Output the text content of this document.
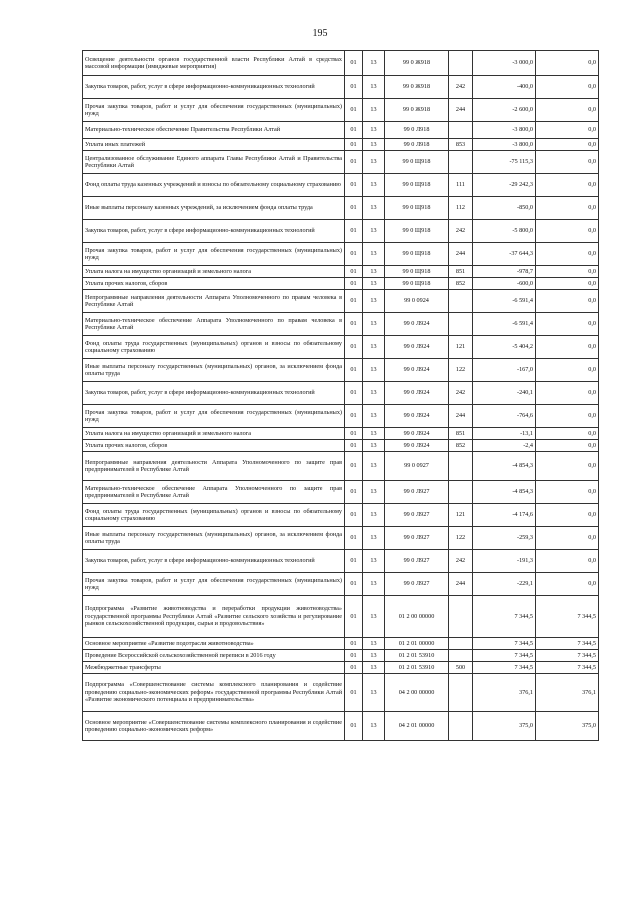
195
Освещение деятельности органов государственной власти Республики Алтай в средствах массовой информации (имиджевые мероприятия)	01	13	99 0 Ж918		-3 000,0	0,0
Закупка товаров, работ, услуг в сфере информационно-коммуникационных технологий	01	13	99 0 Ж918	242	-400,0	0,0
Прочая закупка товаров, работ и услуг для обеспечения государственных (муниципальных) нужд	01	13	99 0 Ж918	244	-2 600,0	0,0
Материально-техническое обеспечение Правительства Республики Алтай	01	13	99 0 Л918		-3 800,0	0,0
Уплата иных платежей	01	13	99 0 Л918	853	-3 800,0	0,0
Централизованное обслуживание Единого аппарата Главы Республики Алтай и Правительства Республики Алтай	01	13	99 0 Щ918		-75 115,3	0,0
Фонд оплаты труда казенных учреждений и взносы по обязательному социальному страхованию	01	13	99 0 Щ918	111	-29 242,3	0,0
Иные выплаты персоналу казенных учреждений, за исключением фонда оплаты труда	01	13	99 0 Щ918	112	-850,0	0,0
Закупка товаров, работ, услуг в сфере информационно-коммуникационных технологий	01	13	99 0 Щ918	242	-5 800,0	0,0
Прочая закупка товаров, работ и услуг для обеспечения государственных (муниципальных) нужд	01	13	99 0 Щ918	244	-37 644,3	0,0
Уплата налога на имущество организаций и земельного налога	01	13	99 0 Щ918	851	-978,7	0,0
Уплата прочих налогов, сборов	01	13	99 0 Щ918	852	-600,0	0,0
Непрограммные направления деятельности Аппарата Уполномоченного по правам человека в Республике Алтай	01	13	99 0 0924		-6 591,4	0,0
Материально-техническое обеспечение Аппарата Уполномоченного по правам человека в Республике Алтай	01	13	99 0 Л924		-6 591,4	0,0
Фонд оплаты труда государственных (муниципальных) органов и взносы по обязательному социальному страхованию	01	13	99 0 Л924	121	-5 404,2	0,0
Иные выплаты персоналу государственных (муниципальных) органов, за исключением фонда оплаты труда	01	13	99 0 Л924	122	-167,0	0,0
Закупка товаров, работ, услуг в сфере информационно-коммуникационных технологий	01	13	99 0 Л924	242	-240,1	0,0
Прочая закупка товаров, работ и услуг для обеспечения государственных (муниципальных) нужд	01	13	99 0 Л924	244	-764,6	0,0
Уплата налога на имущество организаций и земельного налога	01	13	99 0 Л924	851	-13,1	0,0
Уплата прочих налогов, сборов	01	13	99 0 Л924	852	-2,4	0,0
Непрограммные направления деятельности Аппарата Уполномоченного по защите прав предпринимателей в Республике Алтай	01	13	99 0 0927		-4 854,3	0,0
Материально-техническое обеспечение Аппарата Уполномоченного по защите прав предпринимателей в Республике Алтай	01	13	99 0 Л927		-4 854,3	0,0
Фонд оплаты труда государственных (муниципальных) органов и взносы по обязательному социальному страхованию	01	13	99 0 Л927	121	-4 174,6	0,0
Иные выплаты персоналу государственных (муниципальных) органов, за исключением фонда оплаты труда	01	13	99 0 Л927	122	-259,3	0,0
Закупка товаров, работ, услуг в сфере информационно-коммуникационных технологий	01	13	99 0 Л927	242	-191,3	0,0
Прочая закупка товаров, работ и услуг для обеспечения государственных (муниципальных) нужд	01	13	99 0 Л927	244	-229,1	0,0
Подпрограмма «Развитие животноводства и переработки продукции животноводства» государственной программы Республики Алтай «Развитие сельского хозяйства и регулирование рынков сельскохозяйственной продукции, сырья и продовольствия»	01	13	01 2 00 00000		7 344,5	7 344,5
Основное мероприятие «Развитие подотрасли животноводства»	01	13	01 2 01 00000		7 344,5	7 344,5
Проведение Всероссийской сельскохозяйственной переписи в 2016 году	01	13	01 2 01 53910		7 344,5	7 344,5
Межбюджетные трансферты	01	13	01 2 01 53910	500	7 344,5	7 344,5
Подпрограмма «Совершенствование системы комплексного планирования и содействие проведению социально-экономических реформ» государственной программы Республики Алтай «Развитие экономического потенциала и предпринимательства»	01	13	04 2 00 00000		376,1	376,1
Основное мероприятие «Совершенствование системы комплексного планирования и содействие проведению социально-экономических реформ»	01	13	04 2 01 00000		375,0	375,0
